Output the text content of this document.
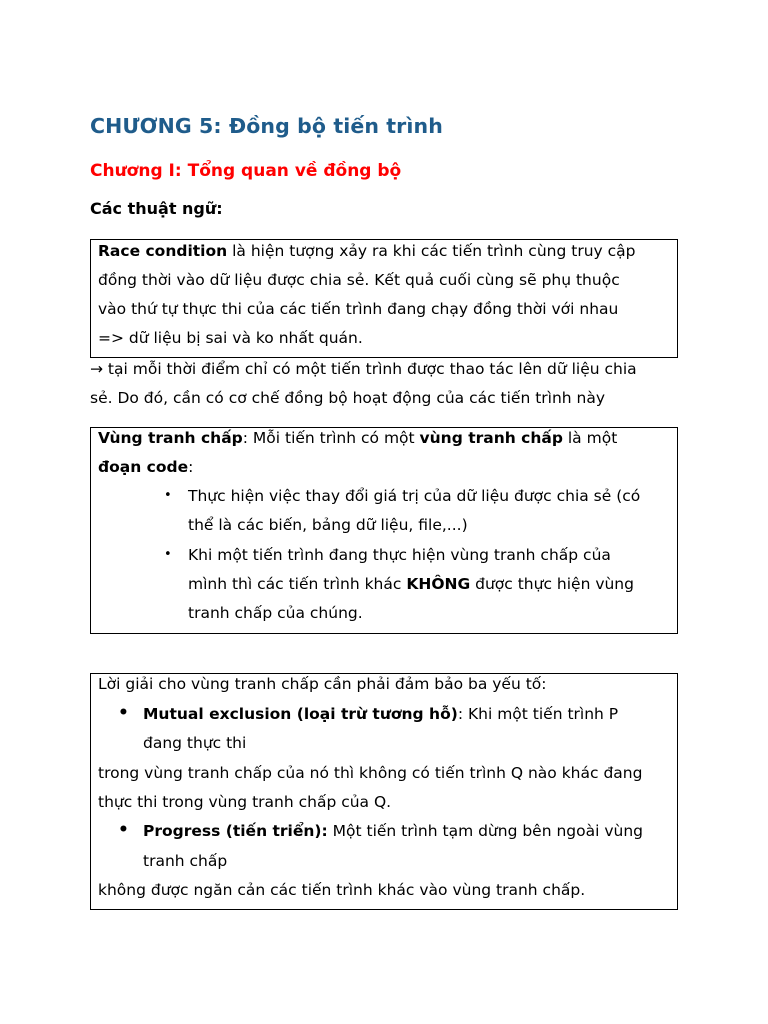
CHƯƠNG 5: Đồng bộ tiến trình
Chương I: Tổng quan về đồng bộ
Các thuật ngữ:
Race condition là hiện tượng xảy ra khi các tiến trình cùng truy cập
đồng thời vào dữ liệu được chia sẻ. Kết quả cuối cùng sẽ phụ thuộc
vào thứ tự thực thi của các tiến trình đang chạy đồng thời với nhau
=> dữ liệu bị sai và ko nhất quán.
→ tại mỗi thời điểm chỉ có một tiến trình được thao tác lên dữ liệu chia
sẻ. Do đó, cần có cơ chế đồng bộ hoạt động của các tiến trình này
Vùng tranh chấp: Mỗi tiến trình có một vùng tranh chấp là một
đoạn code:
• Thực hiện việc thay đổi giá trị của dữ liệu được chia sẻ (có
thể là các biến, bảng dữ liệu, file,...)
• Khi một tiến trình đang thực hiện vùng tranh chấp của
mình thì các tiến trình khác KHÔNG được thực hiện vùng
tranh chấp của chúng.
Lời giải cho vùng tranh chấp cần phải đảm bảo ba yếu tố:
• Mutual exclusion (loại trừ tương hỗ): Khi một tiến trình P
đang thực thi
trong vùng tranh chấp của nó thì không có tiến trình Q nào khác đang
thực thi trong vùng tranh chấp của Q.
• Progress (tiến triển): Một tiến trình tạm dừng bên ngoài vùng
tranh chấp
không được ngăn cản các tiến trình khác vào vùng tranh chấp.
